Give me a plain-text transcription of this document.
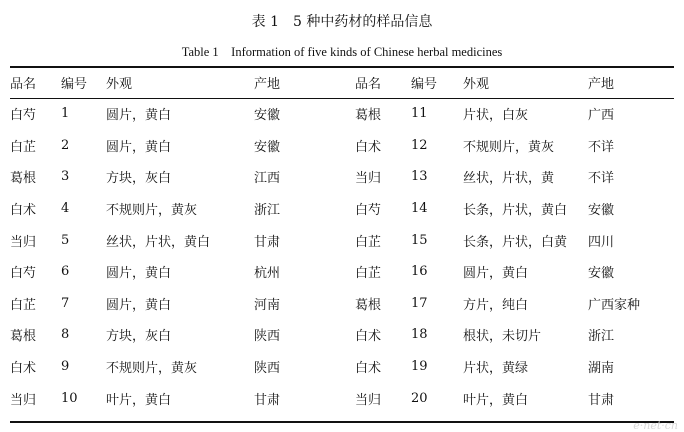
表 1　5 种中药材的样品信息
Table 1　Information of five kinds of Chinese herbal medicines
品名	编号	外观	产地	品名	编号	外观	产地
白芍	1	圆片，黄白	安徽	葛根	11	片状，白灰	广西
白芷	2	圆片，黄白	安徽	白术	12	不规则片，黄灰	不详
葛根	3	方块，灰白	江西	当归	13	丝状，片状，黄	不详
白术	4	不规则片，黄灰	浙江	白芍	14	长条，片状，黄白	安徽
当归	5	丝状，片状，黄白	甘肃	白芷	15	长条，片状，白黄	四川
白芍	6	圆片，黄白	杭州	白芷	16	圆片，黄白	安徽
白芷	7	圆片，黄白	河南	葛根	17	方片，纯白	广西家种
葛根	8	方块，灰白	陕西	白术	18	根状，未切片	浙江
白术	9	不规则片，黄灰	陕西	白术	19	片状，黄绿	湖南
当归	10	叶片，黄白	甘肃	当归	20	叶片，黄白	甘肃
e·net·cn
